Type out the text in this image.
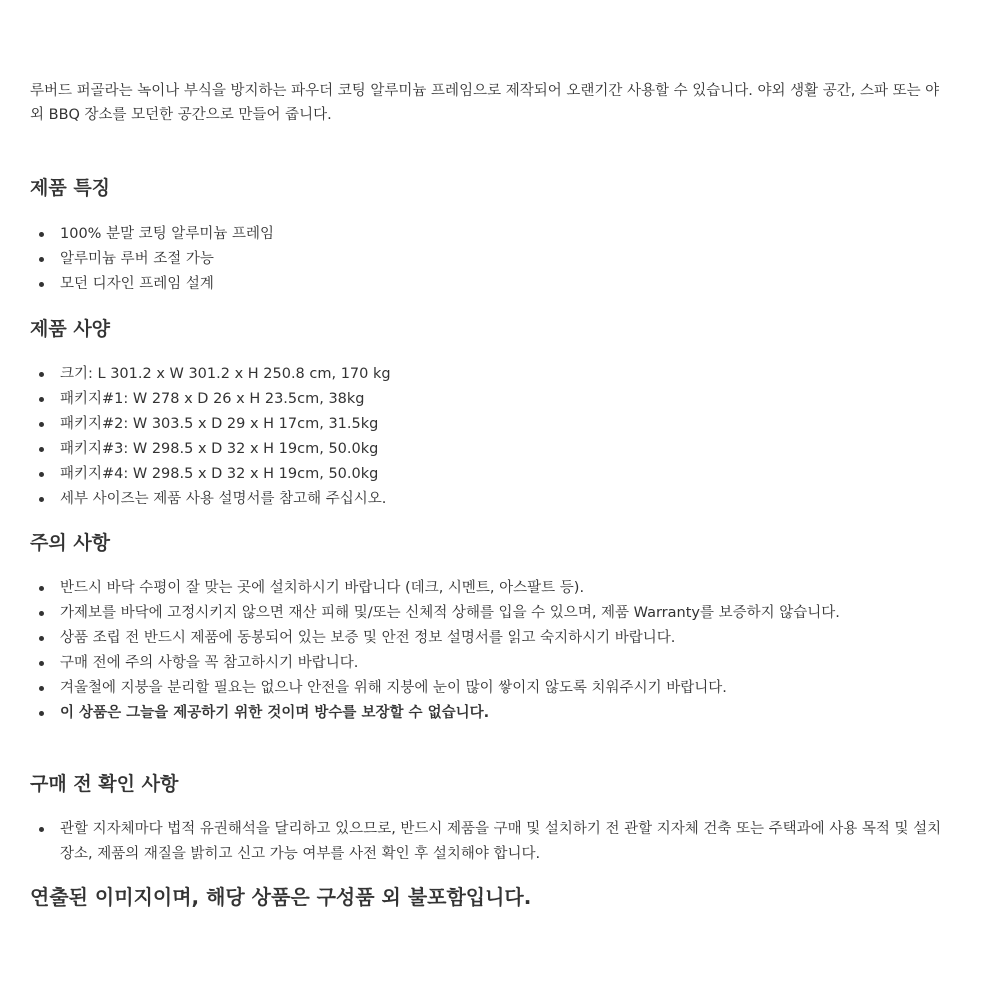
루버드 퍼골라는 녹이나 부식을 방지하는 파우더 코팅 알루미늄 프레임으로 제작되어 오랜기간 사용할 수 있습니다. 야외 생활 공간, 스파 또는 야외 BBQ 장소를 모던한 공간으로 만들어 줍니다.

제품 특징
100% 분말 코팅 알루미늄 프레임
알루미늄 루버 조절 가능
모던 디자인 프레임 설계
제품 사양
크기: L 301.2 x W 301.2 x H 250.8 cm, 170 kg
패키지#1: W 278 x D 26 x H 23.5cm, 38kg
패키지#2: W 303.5 x D 29 x H 17cm, 31.5kg
패키지#3: W 298.5 x D 32 x H 19cm, 50.0kg
패키지#4: W 298.5 x D 32 x H 19cm, 50.0kg
세부 사이즈는 제품 사용 설명서를 참고해 주십시오.
주의 사항
반드시 바닥 수평이 잘 맞는 곳에 설치하시기 바랍니다 (데크, 시멘트, 아스팔트 등).
가제보를 바닥에 고정시키지 않으면 재산 피해 및/또는 신체적 상해를 입을 수 있으며, 제품 Warranty를 보증하지 않습니다.
상품 조립 전 반드시 제품에 동봉되어 있는 보증 및 안전 정보 설명서를 읽고 숙지하시기 바랍니다.
구매 전에 주의 사항을 꼭 참고하시기 바랍니다.
겨울철에 지붕을 분리할 필요는 없으나 안전을 위해 지붕에 눈이 많이 쌓이지 않도록 치워주시기 바랍니다.
이 상품은 그늘을 제공하기 위한 것이며 방수를 보장할 수 없습니다.
구매 전 확인 사항
관할 지자체마다 법적 유권해석을 달리하고 있으므로, 반드시 제품을 구매 및 설치하기 전 관할 지자체 건축 또는 주택과에 사용 목적 및 설치 장소, 제품의 재질을 밝히고 신고 가능 여부를 사전 확인 후 설치해야 합니다.
연출된 이미지이며, 해당 상품은 구성품 외 불포함입니다.
